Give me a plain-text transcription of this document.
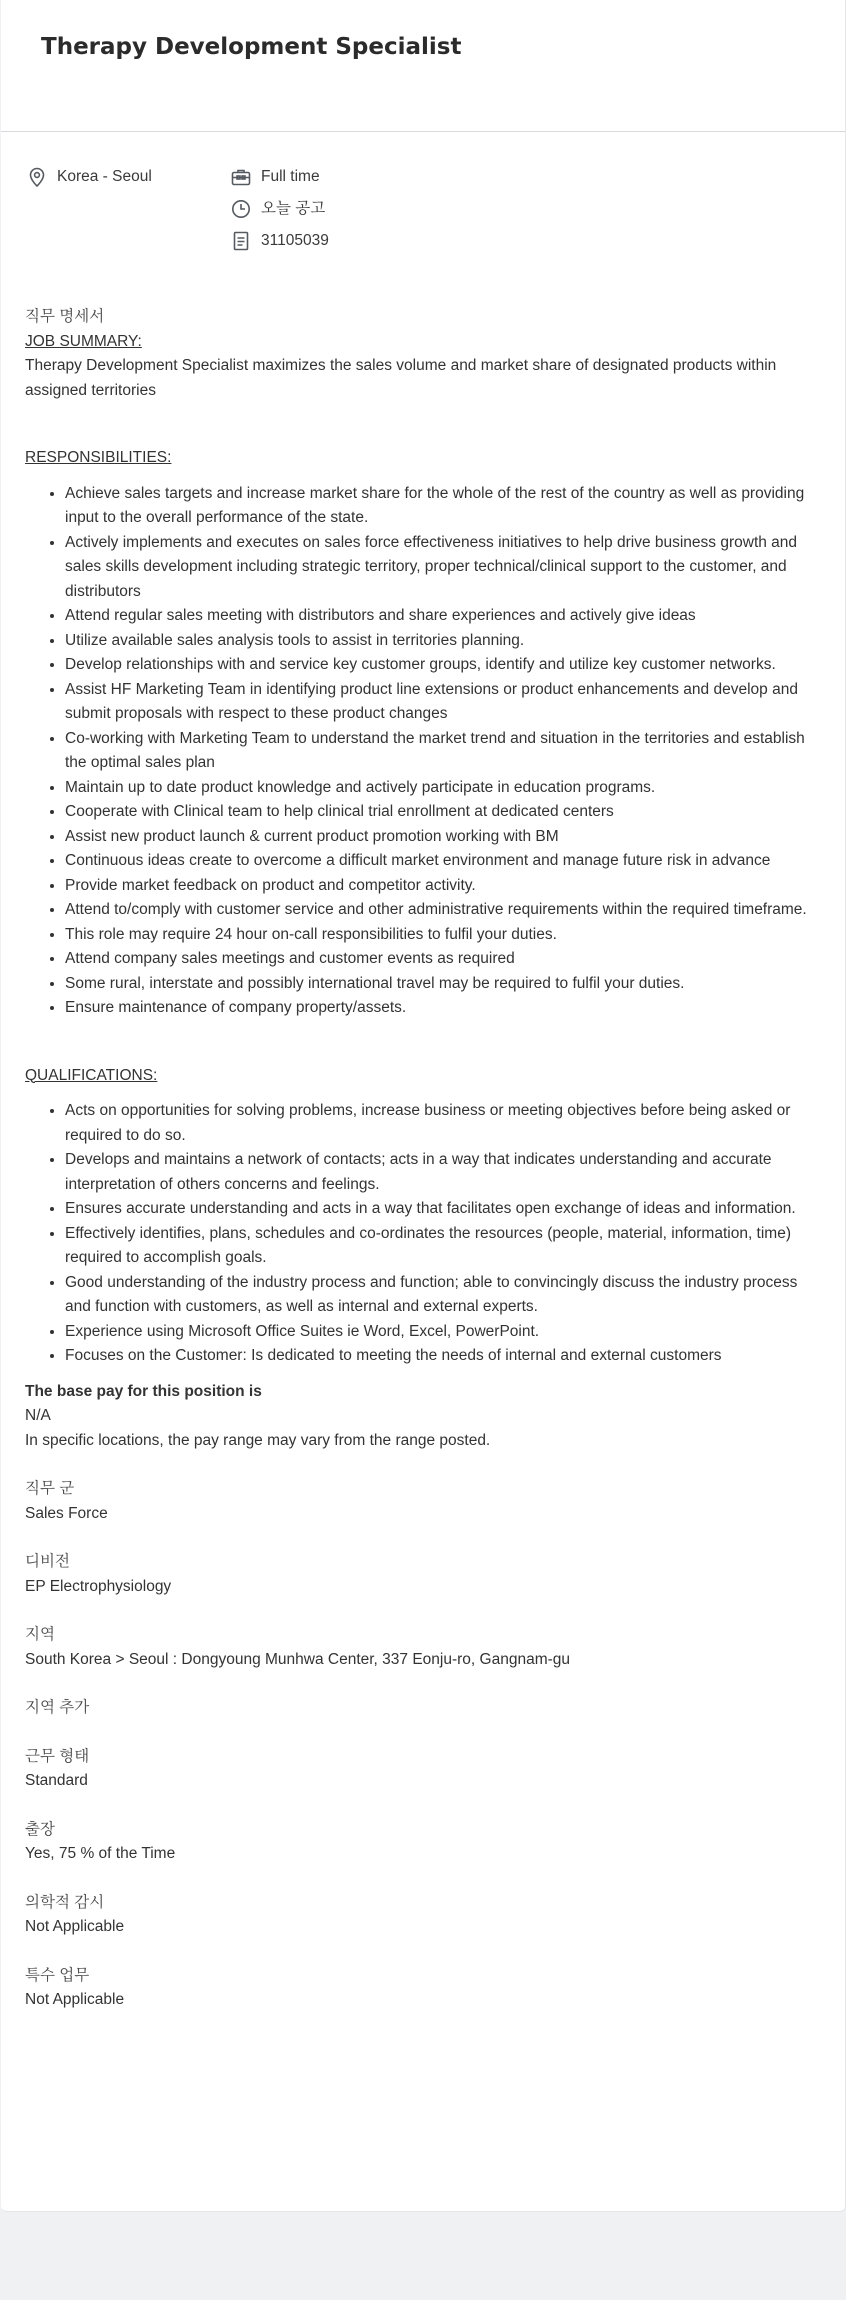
Therapy Development Specialist
Korea - Seoul	Full time
오늘 공고
31105039
직무 명세서
JOB SUMMARY:
Therapy Development Specialist maximizes the sales volume and market share of designated products within assigned territories
RESPONSIBILITIES:
• Achieve sales targets and increase market share for the whole of the rest of the country as well as providing input to the overall performance of the state.
• Actively implements and executes on sales force effectiveness initiatives to help drive business growth and sales skills development including strategic territory, proper technical/clinical support to the customer, and distributors
• Attend regular sales meeting with distributors and share experiences and actively give ideas
• Utilize available sales analysis tools to assist in territories planning.
• Develop relationships with and service key customer groups, identify and utilize key customer networks.
• Assist HF Marketing Team in identifying product line extensions or product enhancements and develop and submit proposals with respect to these product changes
• Co-working with Marketing Team to understand the market trend and situation in the territories and establish the optimal sales plan
• Maintain up to date product knowledge and actively participate in education programs.
• Cooperate with Clinical team to help clinical trial enrollment at dedicated centers
• Assist new product launch & current product promotion working with BM
• Continuous ideas create to overcome a difficult market environment and manage future risk in advance
• Provide market feedback on product and competitor activity.
• Attend to/comply with customer service and other administrative requirements within the required timeframe.
• This role may require 24 hour on-call responsibilities to fulfil your duties.
• Attend company sales meetings and customer events as required
• Some rural, interstate and possibly international travel may be required to fulfil your duties.
• Ensure maintenance of company property/assets.
QUALIFICATIONS:
• Acts on opportunities for solving problems, increase business or meeting objectives before being asked or required to do so.
• Develops and maintains a network of contacts; acts in a way that indicates understanding and accurate interpretation of others concerns and feelings.
• Ensures accurate understanding and acts in a way that facilitates open exchange of ideas and information.
• Effectively identifies, plans, schedules and co-ordinates the resources (people, material, information, time) required to accomplish goals.
• Good understanding of the industry process and function; able to convincingly discuss the industry process and function with customers, as well as internal and external experts.
• Experience using Microsoft Office Suites ie Word, Excel, PowerPoint.
• Focuses on the Customer: Is dedicated to meeting the needs of internal and external customers
The base pay for this position is
N/A
In specific locations, the pay range may vary from the range posted.
직무 군
Sales Force
디비전
EP Electrophysiology
지역
South Korea > Seoul : Dongyoung Munhwa Center, 337 Eonju-ro, Gangnam-gu
지역 추가
근무 형태
Standard
출장
Yes, 75 % of the Time
의학적 감시
Not Applicable
특수 업무
Not Applicable
